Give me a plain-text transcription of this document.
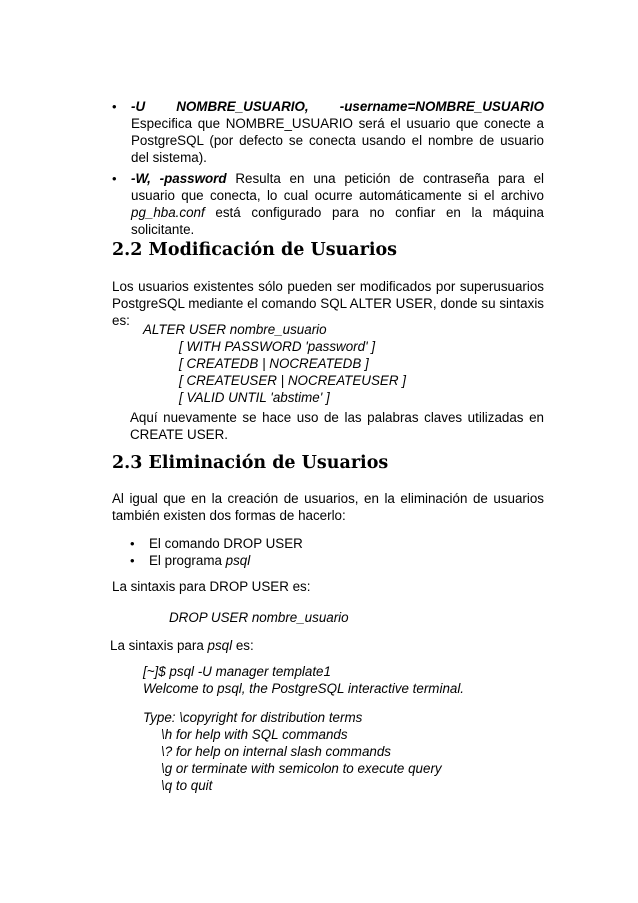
• -U NOMBRE_USUARIO, -username=NOMBRE_USUARIO Especifica que NOMBRE_USUARIO será el usuario que conecte a PostgreSQL (por defecto se conecta usando el nombre de usuario del sistema).
• -W, -password Resulta en una petición de contraseña para el usuario que conecta, lo cual ocurre automáticamente si el archivo pg_hba.conf está configurado para no confiar en la máquina solicitante.
2.2 Modificación de Usuarios
Los usuarios existentes sólo pueden ser modificados por superusuarios PostgreSQL mediante el comando SQL ALTER USER, donde su sintaxis es:
ALTER USER nombre_usuario
[ WITH PASSWORD 'password' ]
[ CREATEDB | NOCREATEDB ]
[ CREATEUSER | NOCREATEUSER ]
[ VALID UNTIL 'abstime' ]
Aquí nuevamente se hace uso de las palabras claves utilizadas en CREATE USER.
2.3 Eliminación de Usuarios
Al igual que en la creación de usuarios, en la eliminación de usuarios también existen dos formas de hacerlo:
• El comando DROP USER
• El programa psql
La sintaxis para DROP USER es:
DROP USER nombre_usuario
La sintaxis para psql es:
[~]$ psql -U manager template1
Welcome to psql, the PostgreSQL interactive terminal.
Type: \copyright for distribution terms
\h for help with SQL commands
\? for help on internal slash commands
\g or terminate with semicolon to execute query
\q to quit
